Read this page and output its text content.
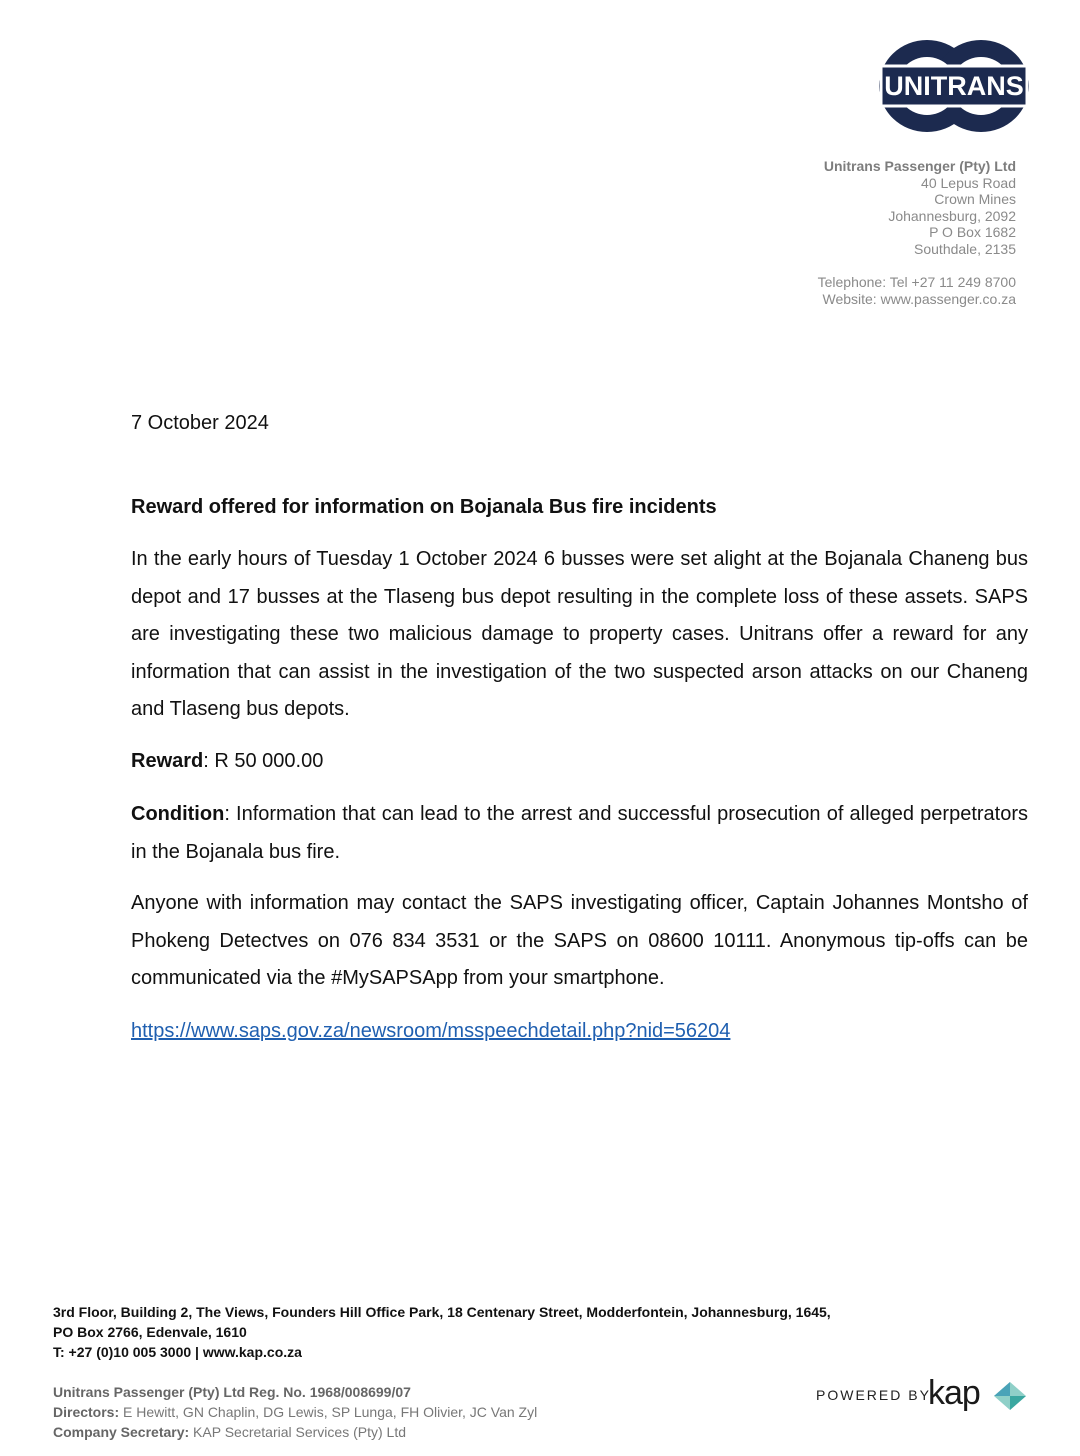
UNITRANS
Unitrans Passenger (Pty) Ltd
40 Lepus Road
Crown Mines
Johannesburg, 2092
P O Box 1682
Southdale, 2135
Telephone: Tel +27 11 249 8700
Website: www.passenger.co.za
7 October 2024
Reward offered for information on Bojanala Bus fire incidents

In the early hours of Tuesday 1 October 2024 6 busses were set alight at the Bojanala Chaneng bus depot and 17 busses at the Tlaseng bus depot resulting in the complete loss of these assets. SAPS are investigating these two malicious damage to property cases. Unitrans offer a reward for any information that can assist in the investigation of the two suspected arson attacks on our Chaneng and Tlaseng bus depots.

Reward: R 50 000.00

Condition: Information that can lead to the arrest and successful prosecution of alleged perpetrators in the Bojanala bus fire.

Anyone with information may contact the SAPS investigating officer, Captain Johannes Montsho of Phokeng Detectves on 076 834 3531 or the SAPS on 08600 10111. Anonymous tip-offs can be communicated via the #MySAPSApp from your smartphone.

https://www.saps.gov.za/newsroom/msspeechdetail.php?nid=56204
3rd Floor, Building 2, The Views, Founders Hill Office Park, 18 Centenary Street, Modderfontein, Johannesburg, 1645,
PO Box 2766, Edenvale, 1610
T: +27 (0)10 005 3000 | www.kap.co.za
Unitrans Passenger (Pty) Ltd Reg. No. 1968/008699/07
Directors: E Hewitt, GN Chaplin, DG Lewis, SP Lunga, FH Olivier, JC Van Zyl
Company Secretary: KAP Secretarial Services (Pty) Ltd
POWERED BY
kap
